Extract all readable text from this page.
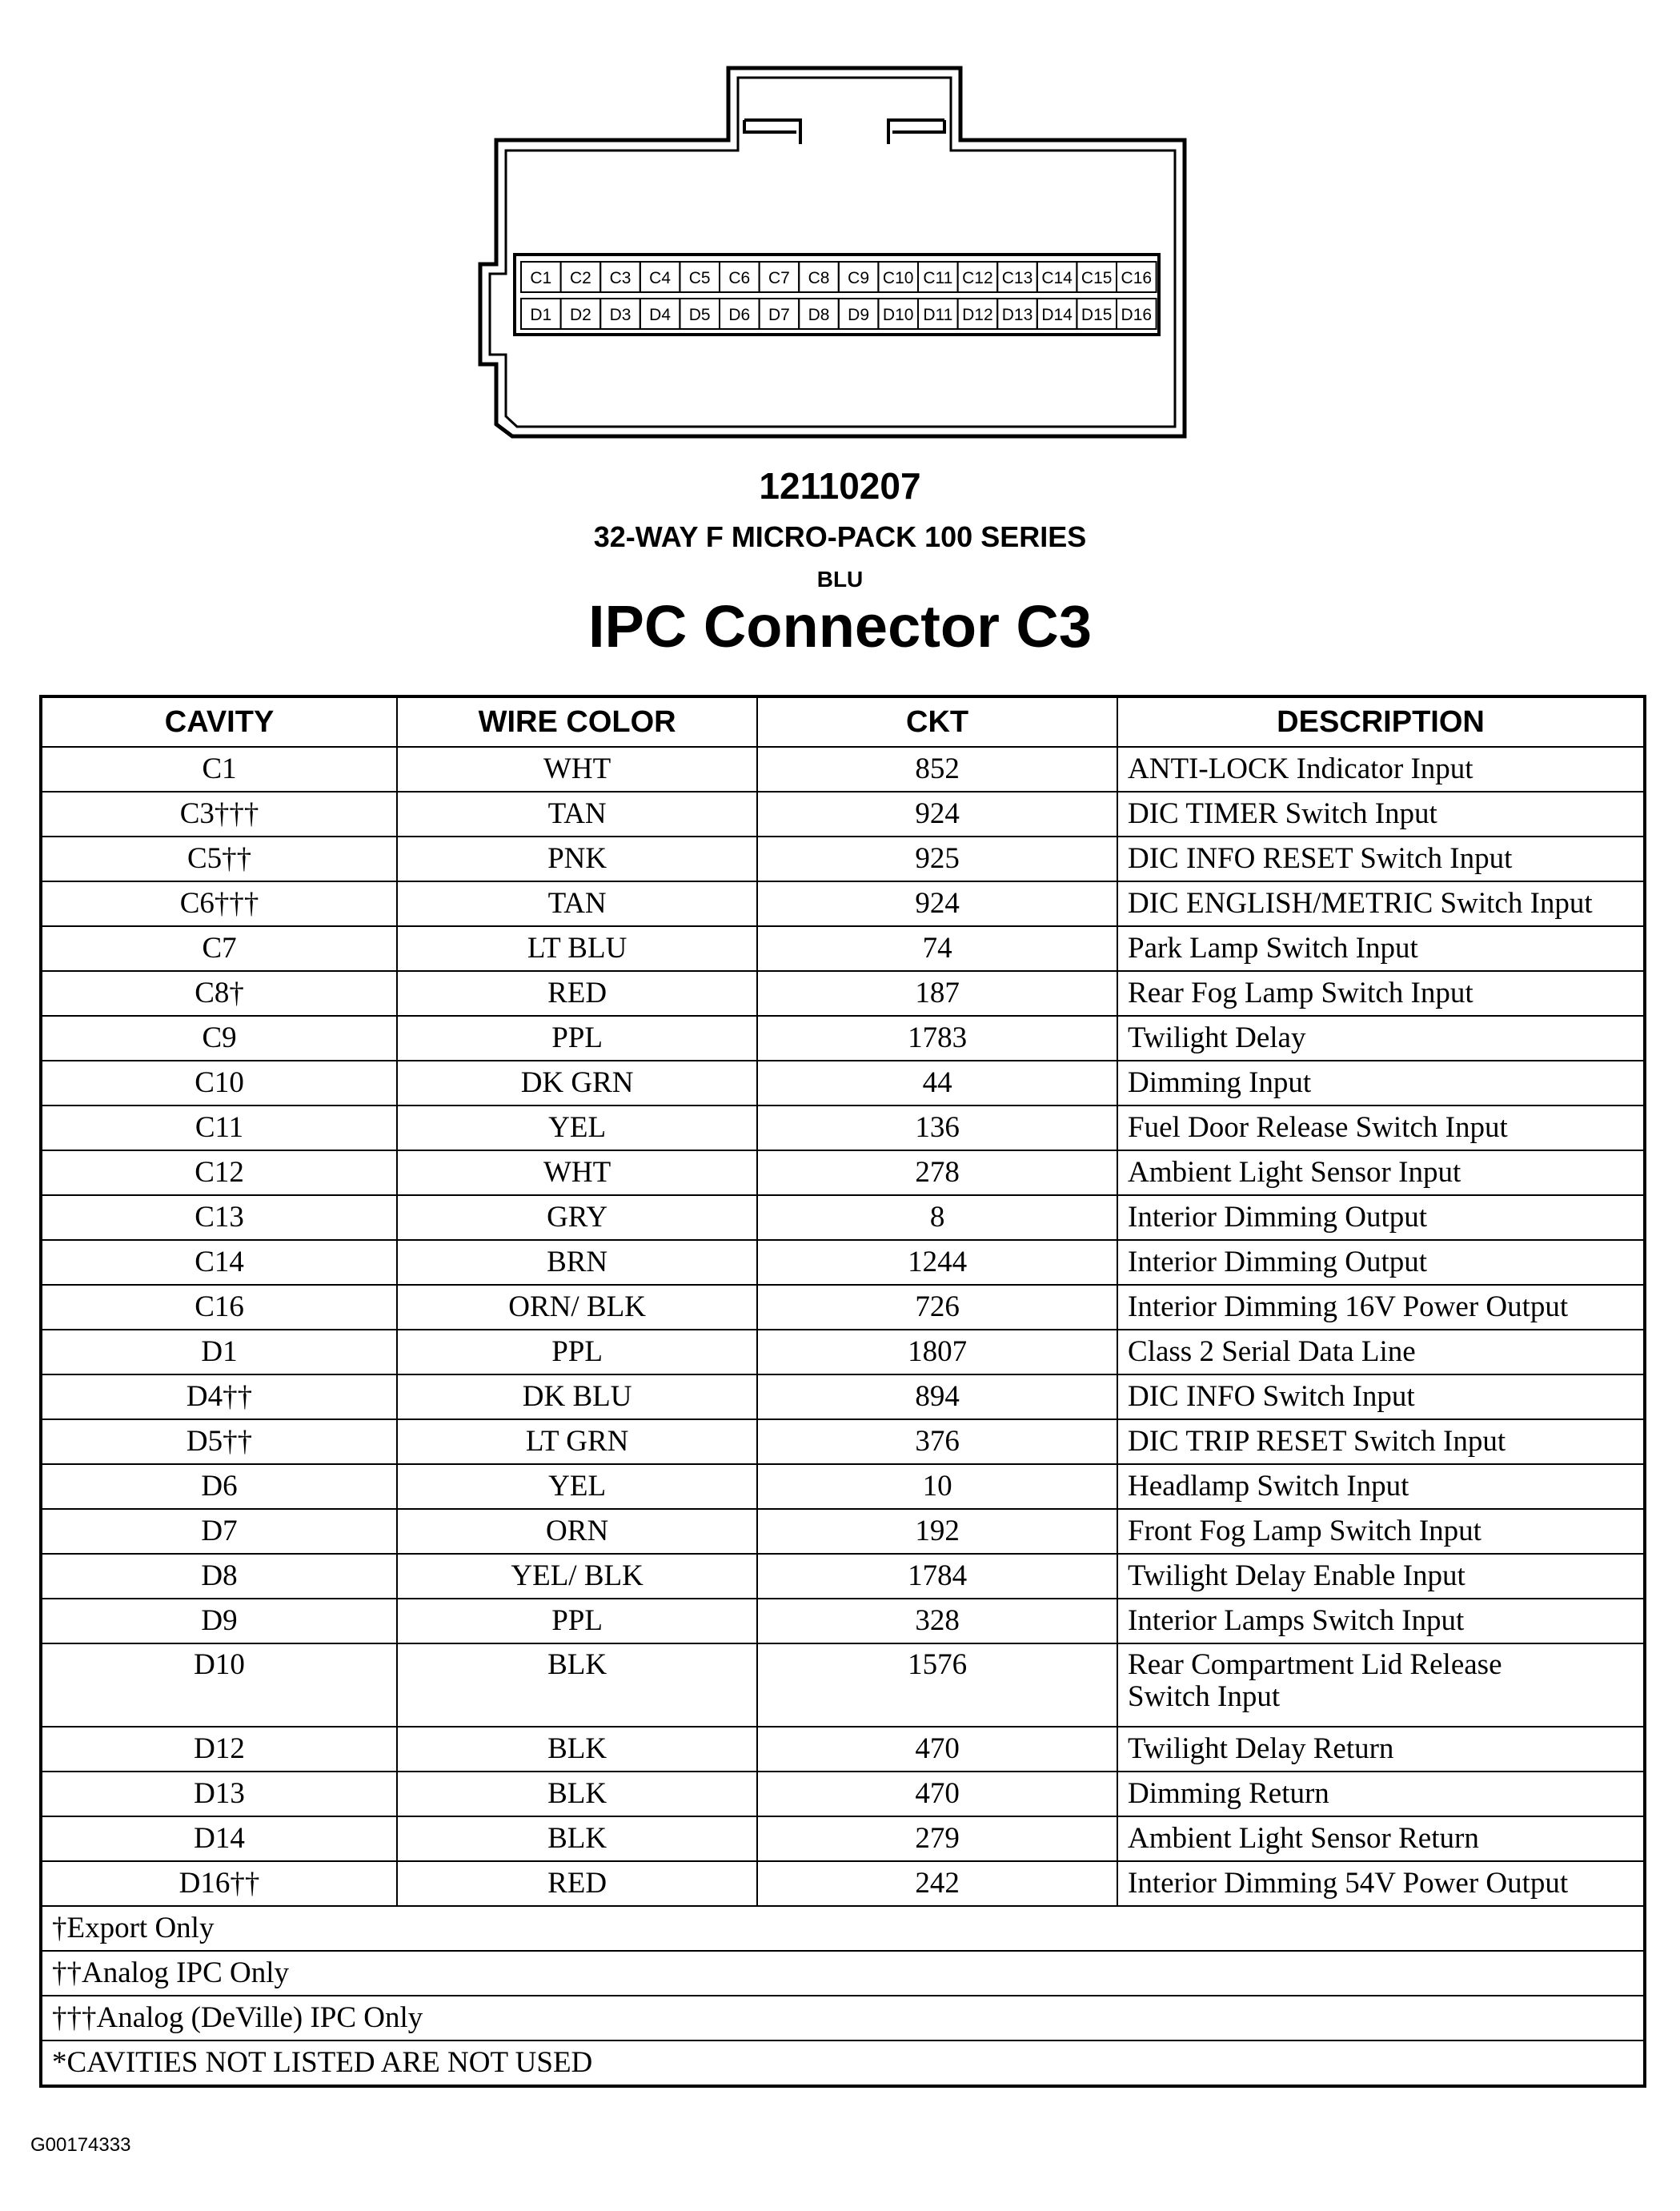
C1 C2 C3 C4 C5 C6 C7 C8 C9 C10 C11 C12 C13 C14 C15 C16
D1 D2 D3 D4 D5 D6 D7 D8 D9 D10 D11 D12 D13 D14 D15 D16
12110207
32-WAY F MICRO-PACK 100 SERIES
BLU
IPC Connector C3
CAVITY	WIRE COLOR	CKT	DESCRIPTION
C1	WHT	852	ANTI-LOCK Indicator Input

C3†††	TAN	924	DIC TIMER Switch Input

C5††	PNK	925	DIC INFO RESET Switch Input

C6†††	TAN	924	DIC ENGLISH/METRIC Switch Input

C7	LT BLU	74	Park Lamp Switch Input

C8†	RED	187	Rear Fog Lamp Switch Input

C9	PPL	1783	Twilight Delay

C10	DK GRN	44	Dimming Input

C11	YEL	136	Fuel Door Release Switch Input

C12	WHT	278	Ambient Light Sensor Input

C13	GRY	8	Interior Dimming Output

C14	BRN	1244	Interior Dimming Output

C16	ORN/ BLK	726	Interior Dimming 16V Power Output

D1	PPL	1807	Class 2 Serial Data Line

D4††	DK BLU	894	DIC INFO Switch Input

D5††	LT GRN	376	DIC TRIP RESET Switch Input

D6	YEL	10	Headlamp Switch Input

D7	ORN	192	Front Fog Lamp Switch Input

D8	YEL/ BLK	1784	Twilight Delay Enable Input

D9	PPL	328	Interior Lamps Switch Input

D10	BLK	1576	Rear Compartment Lid Release
Switch Input

D12	BLK	470	Twilight Delay Return

D13	BLK	470	Dimming Return

D14	BLK	279	Ambient Light Sensor Return

D16††	RED	242	Interior Dimming 54V Power Output

†Export Only			
††Analog IPC Only			
†††Analog (DeVille) IPC Only			
*CAVITIES NOT LISTED ARE NOT USED			
G00174333
